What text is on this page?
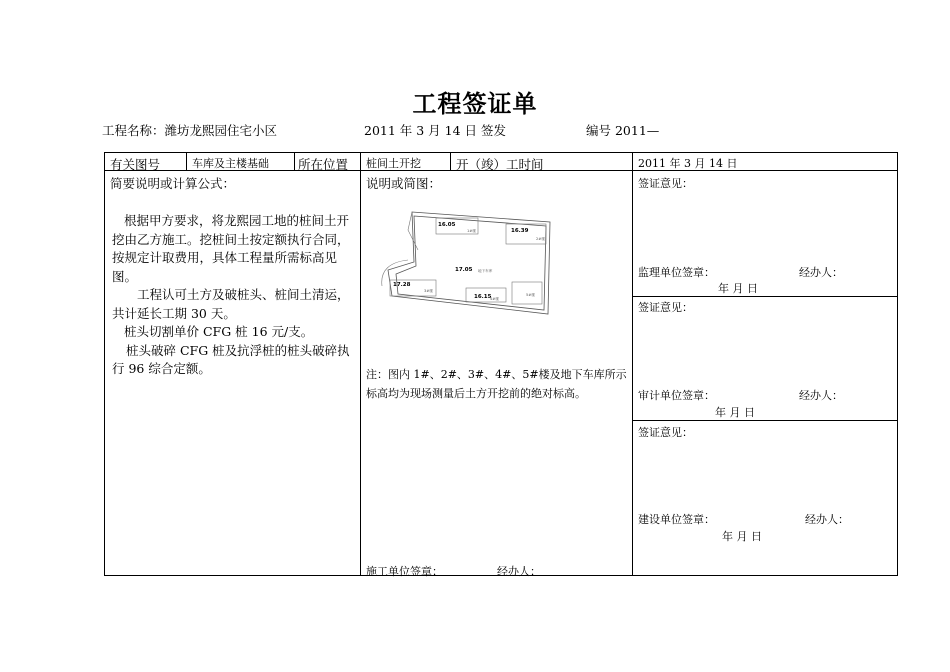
工程签证单
工程名称：潍坊龙熙园住宅小区	2011 年 3 月 14 日 签发	编号 2011—
有关图号	车库及主楼基础 所在位置 桩间土开挖	开（竣）工时间	2011 年 3 月 14 日
简要说明或计算公式：

根据甲方要求，将龙熙园工地的桩间土开挖由乙方施工。挖桩间土按定额执行合同，按规定计取费用，具体工程量所需标高见图。

工程认可土方及破桩头、桩间土清运，共计延长工期 30 天。

桩头切割单价 CFG 桩 16 元/支。

桩头破碎 CFG 桩及抗浮桩的桩头破碎执行 96 综合定额。

说明或简图：
16.05
16.39
17.05
17.28
16.15
1#楼
2#楼
地下车库
3#楼
4#楼
5#楼
注：图内 1#、2#、3#、4#、5#楼及地下车库所示标高均为现场测量后土方开挖前的绝对标高。
施工单位签章：	经办人：
签证意见：
监理单位签章：	经办人：
年 月 日
签证意见：
审计单位签章：	经办人：
年 月 日
签证意见：
建设单位签章：	经办人：
年 月 日
